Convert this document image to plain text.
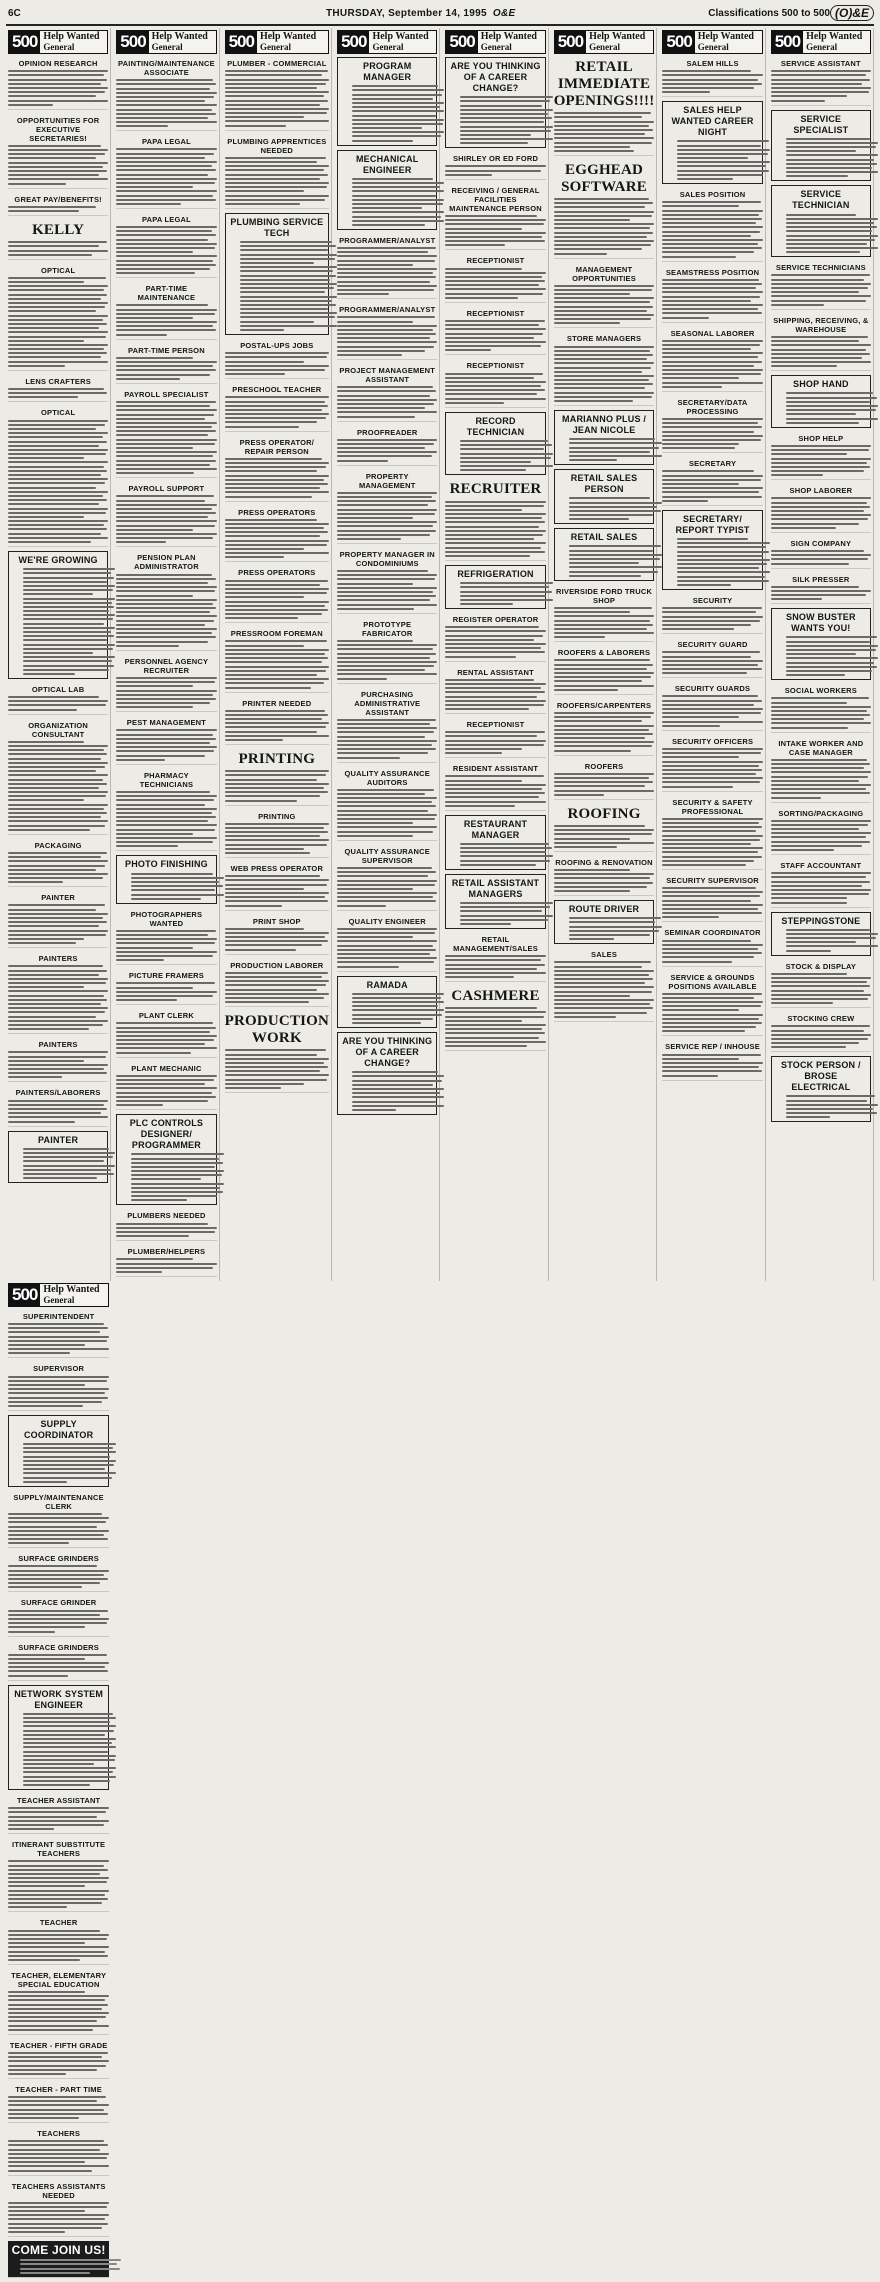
6C	THURSDAY, September 14, 1995 O&E	Classifications 500 to 500 (O)&E
500 Help Wanted
General
OPINION RESEARCH
OPPORTUNITIES FOR EXECUTIVE SECRETARIES!
GREAT PAY/BENEFITS!
KELLY
OPTICAL
LENS CRAFTERS
OPTICAL
WE'RE GROWING
OPTICAL LAB
ORGANIZATION CONSULTANT
PACKAGING
PAINTER
PAINTERS
PAINTERS
PAINTERS/LABORERS
PAINTER
500 Help Wanted
General
PAINTING/MAINTENANCE ASSOCIATE
PAPA LEGAL
PAPA LEGAL
PART-TIME MAINTENANCE
PART-TIME PERSON
PAYROLL SPECIALIST
PAYROLL SUPPORT
PENSION PLAN ADMINISTRATOR
PERSONNEL AGENCY RECRUITER
PEST MANAGEMENT
PHARMACY TECHNICIANS
PHOTO FINISHING
PHOTOGRAPHERS WANTED
PICTURE FRAMERS
PLANT CLERK
PLANT MECHANIC
PLC CONTROLS DESIGNER/ PROGRAMMER
PLUMBERS NEEDED
PLUMBER/HELPERS
500 Help Wanted
General
PLUMBER - COMMERCIAL
PLUMBING APPRENTICES NEEDED
PLUMBING SERVICE TECH
POSTAL-UPS JOBS
PRESCHOOL TEACHER
PRESS OPERATOR/ REPAIR PERSON
PRESS OPERATORS
PRESS OPERATORS
PRESSROOM FOREMAN
PRINTER NEEDED
PRINTING
PRINTING
WEB PRESS OPERATOR
PRINT SHOP
PRODUCTION LABORER
PRODUCTION WORK
500 Help Wanted
General
PROGRAM MANAGER
MECHANICAL ENGINEER
PROGRAMMER/ANALYST
PROGRAMMER/ANALYST
PROJECT MANAGEMENT ASSISTANT
PROOFREADER
PROPERTY MANAGEMENT
PROPERTY MANAGER IN CONDOMINIUMS
PROTOTYPE FABRICATOR
PURCHASING ADMINISTRATIVE ASSISTANT
QUALITY ASSURANCE AUDITORS
QUALITY ASSURANCE SUPERVISOR
QUALITY ENGINEER
RAMADA
ARE YOU THINKING OF A CAREER CHANGE?
500 Help Wanted
General
ARE YOU THINKING OF A CAREER CHANGE?
SHIRLEY OR ED FORD
RECEIVING / GENERAL FACILITIES MAINTENANCE PERSON
RECEPTIONIST
RECEPTIONIST
RECEPTIONIST
RECORD TECHNICIAN
RECRUITER
REFRIGERATION
REGISTER OPERATOR
RENTAL ASSISTANT
RECEPTIONIST
RESIDENT ASSISTANT
RESTAURANT MANAGER
RETAIL ASSISTANT MANAGERS
RETAIL MANAGEMENT/SALES
CASHMERE
500 Help Wanted
General
RETAIL IMMEDIATE OPENINGS!!!!
EGGHEAD SOFTWARE
MANAGEMENT OPPORTUNITIES
STORE MANAGERS
MARIANNO PLUS / JEAN NICOLE
RETAIL SALES PERSON
RETAIL SALES
RIVERSIDE FORD TRUCK SHOP
ROOFERS & LABORERS
ROOFERS/CARPENTERS
ROOFERS
ROOFING
ROOFING & RENOVATION
ROUTE DRIVER
SALES
500 Help Wanted
General
SALEM HILLS
SALES HELP WANTED CAREER NIGHT
SALES POSITION
SEAMSTRESS POSITION
SEASONAL LABORER
SECRETARY/DATA PROCESSING
SECRETARY
SECRETARY/ REPORT TYPIST
SECURITY
SECURITY GUARD
SECURITY GUARDS
SECURITY OFFICERS
SECURITY & SAFETY PROFESSIONAL
SECURITY SUPERVISOR
SEMINAR COORDINATOR
SERVICE & GROUNDS POSITIONS AVAILABLE
SERVICE REP / INHOUSE
500 Help Wanted
General
SERVICE ASSISTANT
SERVICE SPECIALIST
SERVICE TECHNICIAN
SERVICE TECHNICIANS
SHIPPING, RECEIVING, & WAREHOUSE
SHOP HAND
SHOP HELP
SHOP LABORER
SIGN COMPANY
SILK PRESSER
SNOW BUSTER WANTS YOU!
SOCIAL WORKERS
INTAKE WORKER AND CASE MANAGER
SORTING/PACKAGING
STAFF ACCOUNTANT
STEPPINGSTONE
STOCK & DISPLAY
STOCKING CREW
STOCK PERSON / BROSE ELECTRICAL
500 Help Wanted
General
SUPERINTENDENT
SUPERVISOR
SUPPLY COORDINATOR
SUPPLY/MAINTENANCE CLERK
SURFACE GRINDERS
SURFACE GRINDER
SURFACE GRINDERS
NETWORK SYSTEM ENGINEER
TEACHER ASSISTANT
ITINERANT SUBSTITUTE TEACHERS
TEACHER
TEACHER, ELEMENTARY SPECIAL EDUCATION
TEACHER - FIFTH GRADE
TEACHER - PART TIME
TEACHERS
TEACHERS ASSISTANTS NEEDED
COME JOIN US!
